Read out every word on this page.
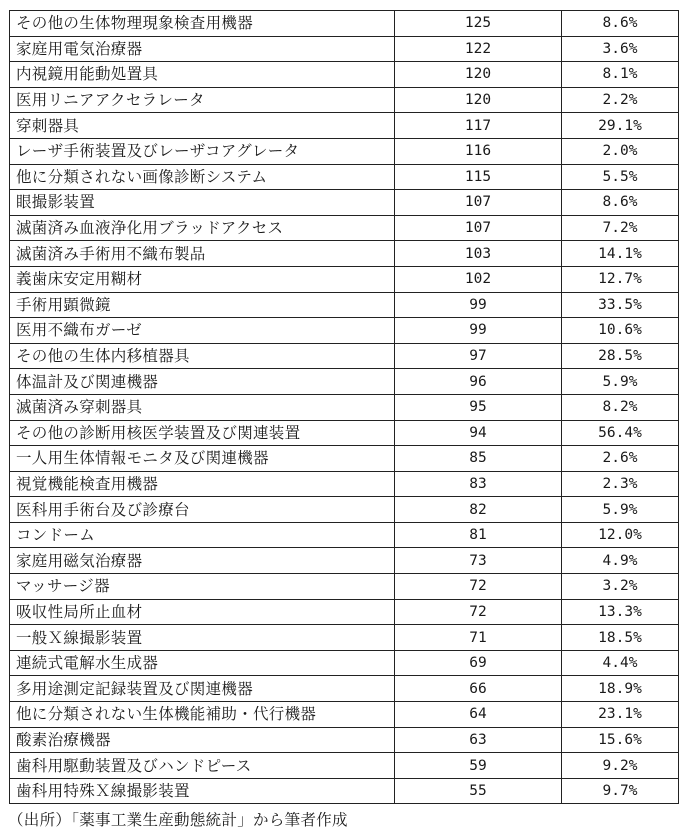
その他の生体物理現象検査用機器	125	8.6%
家庭用電気治療器	122	3.6%
内視鏡用能動処置具	120	8.1%
医用リニアアクセラレータ	120	2.2%
穿刺器具	117	29.1%
レーザ手術装置及びレーザコアグレータ	116	2.0%
他に分類されない画像診断システム	115	5.5%
眼撮影装置	107	8.6%
滅菌済み血液浄化用ブラッドアクセス	107	7.2%
滅菌済み手術用不織布製品	103	14.1%
義歯床安定用糊材	102	12.7%
手術用顕微鏡	99	33.5%
医用不織布ガーゼ	99	10.6%
その他の生体内移植器具	97	28.5%
体温計及び関連機器	96	5.9%
滅菌済み穿刺器具	95	8.2%
その他の診断用核医学装置及び関連装置	94	56.4%
一人用生体情報モニタ及び関連機器	85	2.6%
視覚機能検査用機器	83	2.3%
医科用手術台及び診療台	82	5.9%
コンドーム	81	12.0%
家庭用磁気治療器	73	4.9%
マッサージ器	72	3.2%
吸収性局所止血材	72	13.3%
一般Ｘ線撮影装置	71	18.5%
連続式電解水生成器	69	4.4%
多用途測定記録装置及び関連機器	66	18.9%
他に分類されない生体機能補助・代行機器	64	23.1%
酸素治療機器	63	15.6%
歯科用駆動装置及びハンドピース	59	9.2%
歯科用特殊Ｘ線撮影装置	55	9.7%
（出所）「薬事工業生産動態統計」から筆者作成
